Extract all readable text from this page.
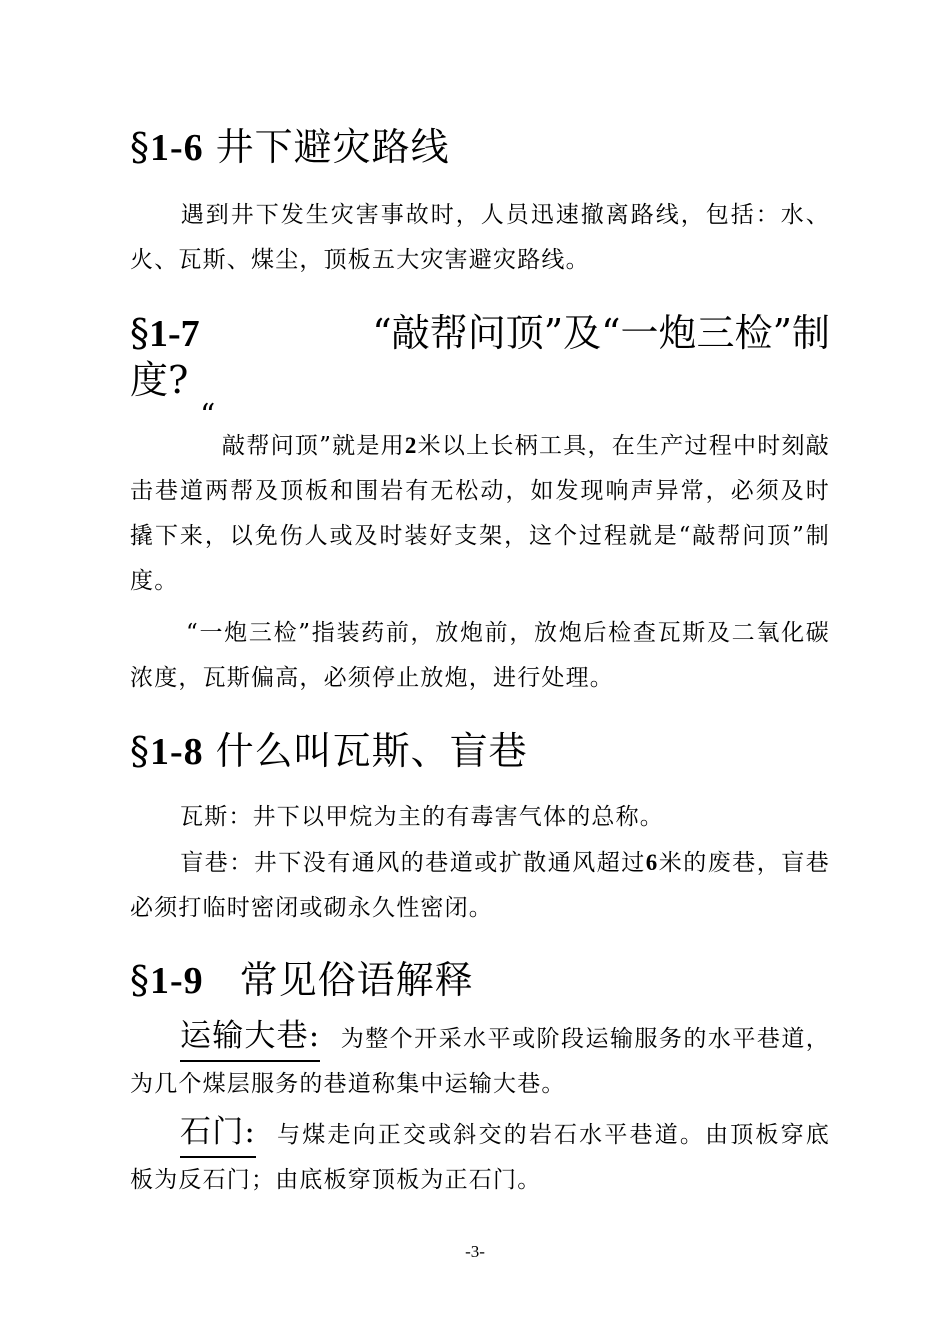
§1-6 井下避灾路线
遇到井下发生灾害事故时，人员迅速撤离路线，包括：水、火、瓦斯、煤尘，顶板五大灾害避灾路线。
§1-7	“敲帮问顶”及“一炮三检”制
度?
“
敲帮问顶”就是用2米以上长柄工具，在生产过程中时刻敲击巷道两帮及顶板和围岩有无松动，如发现响声异常，必须及时撬下来，以免伤人或及时装好支架，这个过程就是“敲帮问顶”制度。
“一炮三检”指装药前，放炮前，放炮后检查瓦斯及二氧化碳浓度，瓦斯偏高，必须停止放炮，进行处理。
§1-8 什么叫瓦斯、盲巷
瓦斯：井下以甲烷为主的有毒害气体的总称。
盲巷：井下没有通风的巷道或扩散通风超过6米的废巷，盲巷必须打临时密闭或砌永久性密闭。
§1-9 常见俗语解释
运输大巷: 为整个开采水平或阶段运输服务的水平巷道，为几个煤层服务的巷道称集中运输大巷。
石门: 与煤走向正交或斜交的岩石水平巷道。由顶板穿底板为反石门；由底板穿顶板为正石门。
-3-
